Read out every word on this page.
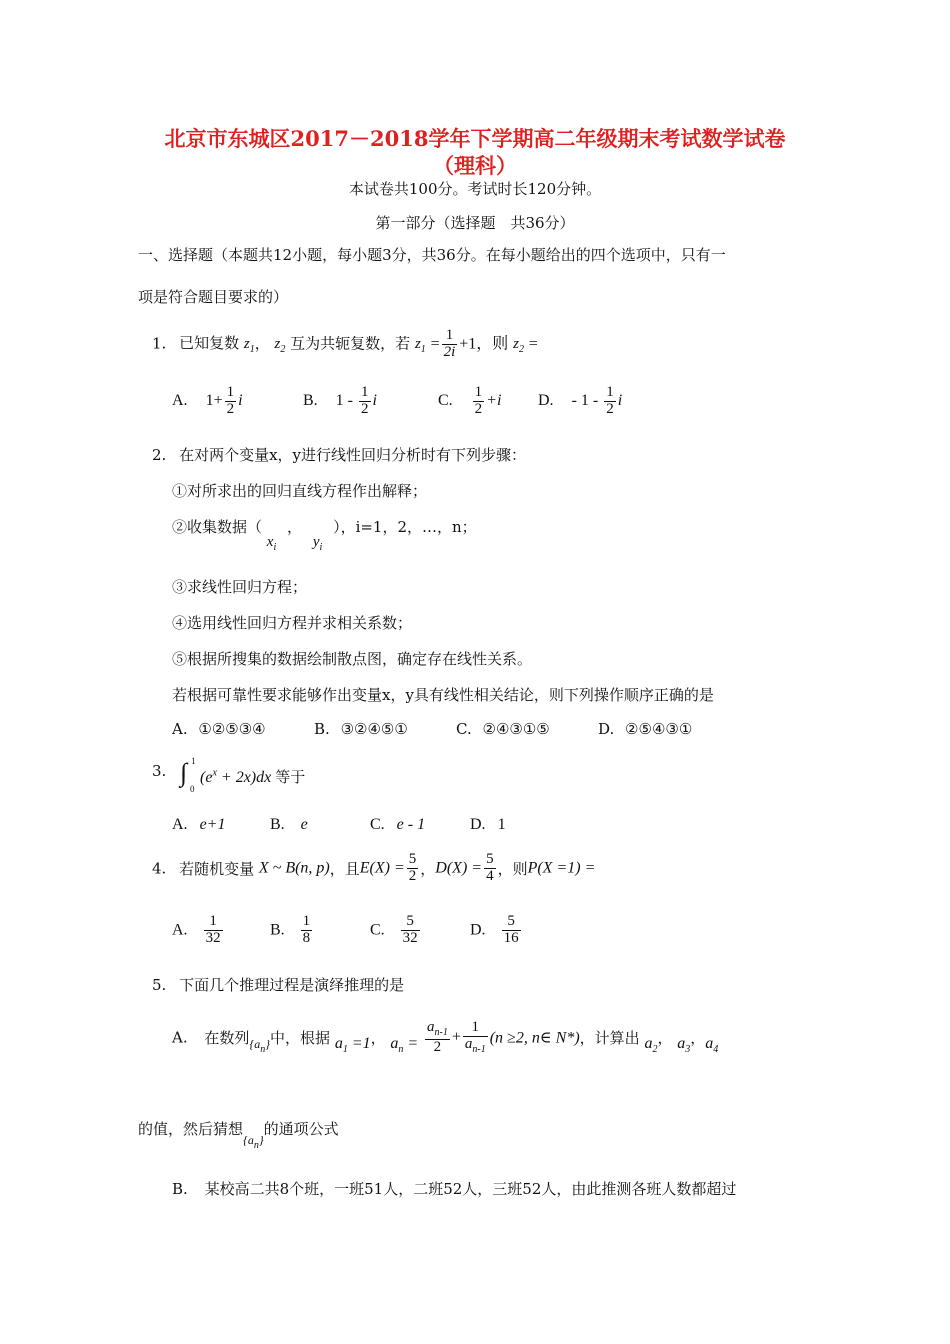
北京市东城区2017－2018学年下学期高二年级期末考试数学试卷
（理科）
本试卷共100分。考试时长120分钟。
第一部分（选择题　共36分）
一、选择题（本题共12小题，每小题3分，共36分。在每小题给出的四个选项中，只有一
项是符合题目要求的）
1. 已知复数 $z_1$， $z_2$ 互为共轭复数，若 $z_1 = \frac{1}{2i} +1$，则 $z_2$ =
A. $1+ \frac{1}{2}$ i	B. $1 - \frac{1}{2}$ i	C. $\frac{1}{2} +i$ D. - $1 - \frac{1}{2}$ i
2. 在对两个变量x，y进行线性回归分析时有下列步骤：
①对所求出的回归直线方程作出解释；
②收集数据（ $x_i$ ， $y_i$ ），i=1，2，…，n；
③求线性回归方程；
④选用线性回归方程并求相关系数；
⑤根据所搜集的数据绘制散点图，确定存在线性关系。
若根据可靠性要求能够作出变量x，y具有线性相关结论，则下列操作顺序正确的是
A. ①②⑤③④	B. ③②④⑤①	C. ②④③①⑤	D. ②⑤④③①
3. ∫ 1
0
$(e^x + 2x)dx$ 等于
A. e+1	B. e	C. e - 1	D. 1
4. 若随机变量 X ~ B(n, p)，且$E(X) = \frac{5}{2}$ ，$D(X) = \frac{5}{4}$ ，则P(X =1) =
A. $\frac{1}{32}$	B. $\frac{1}{8}$	C. $\frac{5}{32}$	D. $\frac{5}{16}$
5. 下面几个推理过程是演绎推理的是
A. 在数列$_{\{a_n\}}$中，根据 $a_1 =1$， $a_n = \frac{a_{n-1}}{2} + \frac{1}{a_{n-1}} (n \ge 2$, n∈ N*)，计算出 $a_2$， $a_3$，$a_4$
的值，然后猜想$\{a_n\}$的通项公式
B. 某校高二共8个班，一班51人，二班52人，三班52人，由此推测各班人数都超过
